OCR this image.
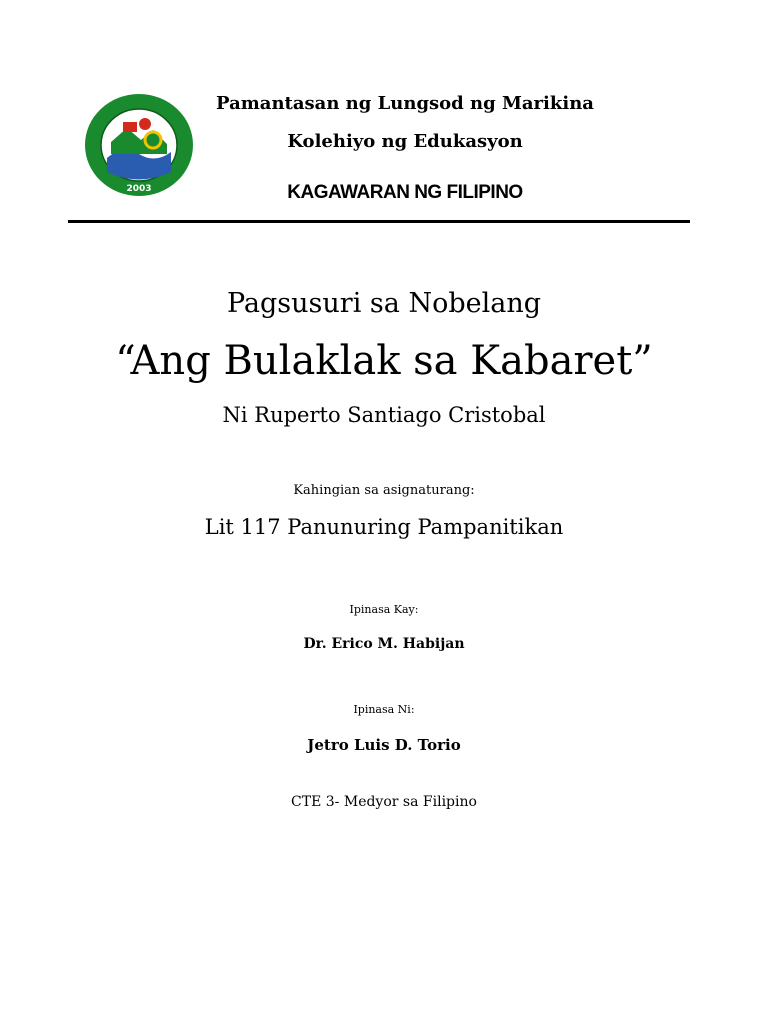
2003
Pamantasan ng Lungsod ng Marikina
Kolehiyo ng Edukasyon
KAGAWARAN NG FILIPINO
Pagsusuri sa Nobelang
“Ang Bulaklak sa Kabaret”
Ni Ruperto Santiago Cristobal
Kahingian sa asignaturang:
Lit 117 Panunuring Pampanitikan
Ipinasa Kay:
Dr. Erico M. Habijan
Ipinasa Ni:
Jetro Luis D. Torio
CTE 3- Medyor sa Filipino
